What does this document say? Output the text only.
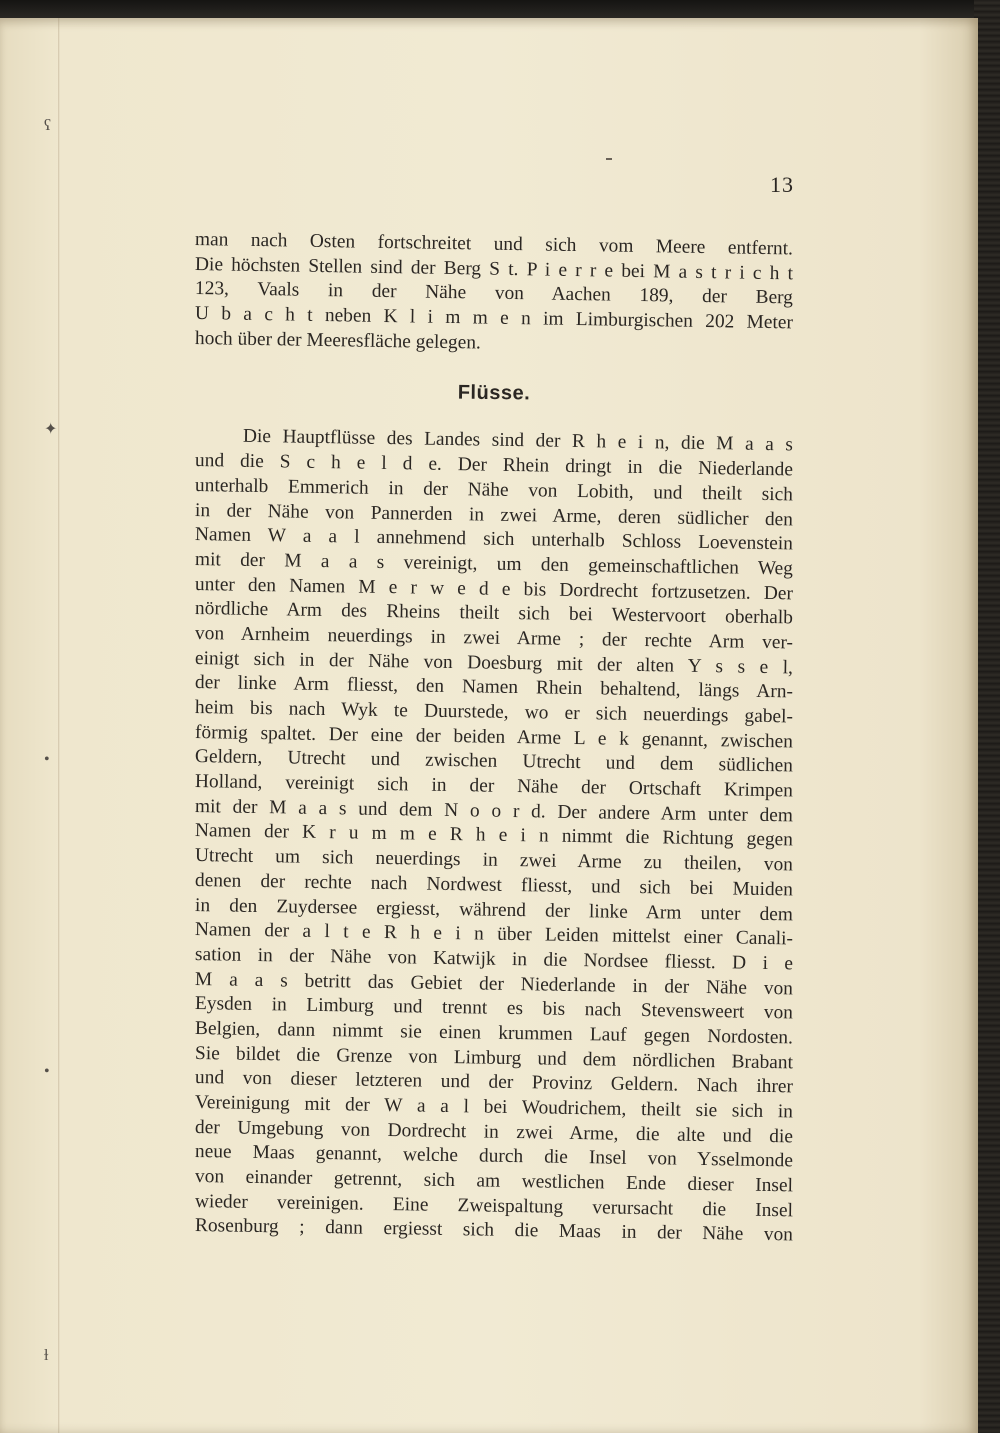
ʕ
✦
•
•
ɫ
13
man nach Osten fortschreitet und sich vom Meere entfernt.
Die höchsten Stellen sind der Berg S t. P i e r r e bei M a s t r i c h t
123, Vaals in der Nähe von Aachen 189, der Berg
U b a c h t neben K l i m m e n im Limburgischen 202 Meter
hoch über der Meeresfläche gelegen.
Flüsse.
Die Hauptflüsse des Landes sind der R h e i n, die M a a s
und die S c h e l d e. Der Rhein dringt in die Niederlande
unterhalb Emmerich in der Nähe von Lobith, und theilt sich
in der Nähe von Pannerden in zwei Arme, deren südlicher den
Namen W a a l annehmend sich unterhalb Schloss Loevenstein
mit der M a a s vereinigt, um den gemeinschaftlichen Weg
unter den Namen M e r w e d e bis Dordrecht fortzusetzen. Der
nördliche Arm des Rheins theilt sich bei Westervoort oberhalb
von Arnheim neuerdings in zwei Arme ; der rechte Arm ver-
einigt sich in der Nähe von Doesburg mit der alten Y s s e l,
der linke Arm fliesst, den Namen Rhein behaltend, längs Arn-
heim bis nach Wyk te Duurstede, wo er sich neuerdings gabel-
förmig spaltet. Der eine der beiden Arme L e k genannt, zwischen
Geldern, Utrecht und zwischen Utrecht und dem südlichen
Holland, vereinigt sich in der Nähe der Ortschaft Krimpen
mit der M a a s und dem N o o r d. Der andere Arm unter dem
Namen der K r u m m e R h e i n nimmt die Richtung gegen
Utrecht um sich neuerdings in zwei Arme zu theilen, von
denen der rechte nach Nordwest fliesst, und sich bei Muiden
in den Zuydersee ergiesst, während der linke Arm unter dem
Namen der a l t e R h e i n über Leiden mittelst einer Canali-
sation in der Nähe von Katwijk in die Nordsee fliesst. D i e
M a a s betritt das Gebiet der Niederlande in der Nähe von
Eysden in Limburg und trennt es bis nach Stevensweert von
Belgien, dann nimmt sie einen krummen Lauf gegen Nordosten.
Sie bildet die Grenze von Limburg und dem nördlichen Brabant
und von dieser letzteren und der Provinz Geldern. Nach ihrer
Vereinigung mit der W a a l bei Woudrichem, theilt sie sich in
der Umgebung von Dordrecht in zwei Arme, die alte und die
neue Maas genannt, welche durch die Insel von Ysselmonde
von einander getrennt, sich am westlichen Ende dieser Insel
wieder vereinigen. Eine Zweispaltung verursacht die Insel
Rosenburg ; dann ergiesst sich die Maas in der Nähe von
